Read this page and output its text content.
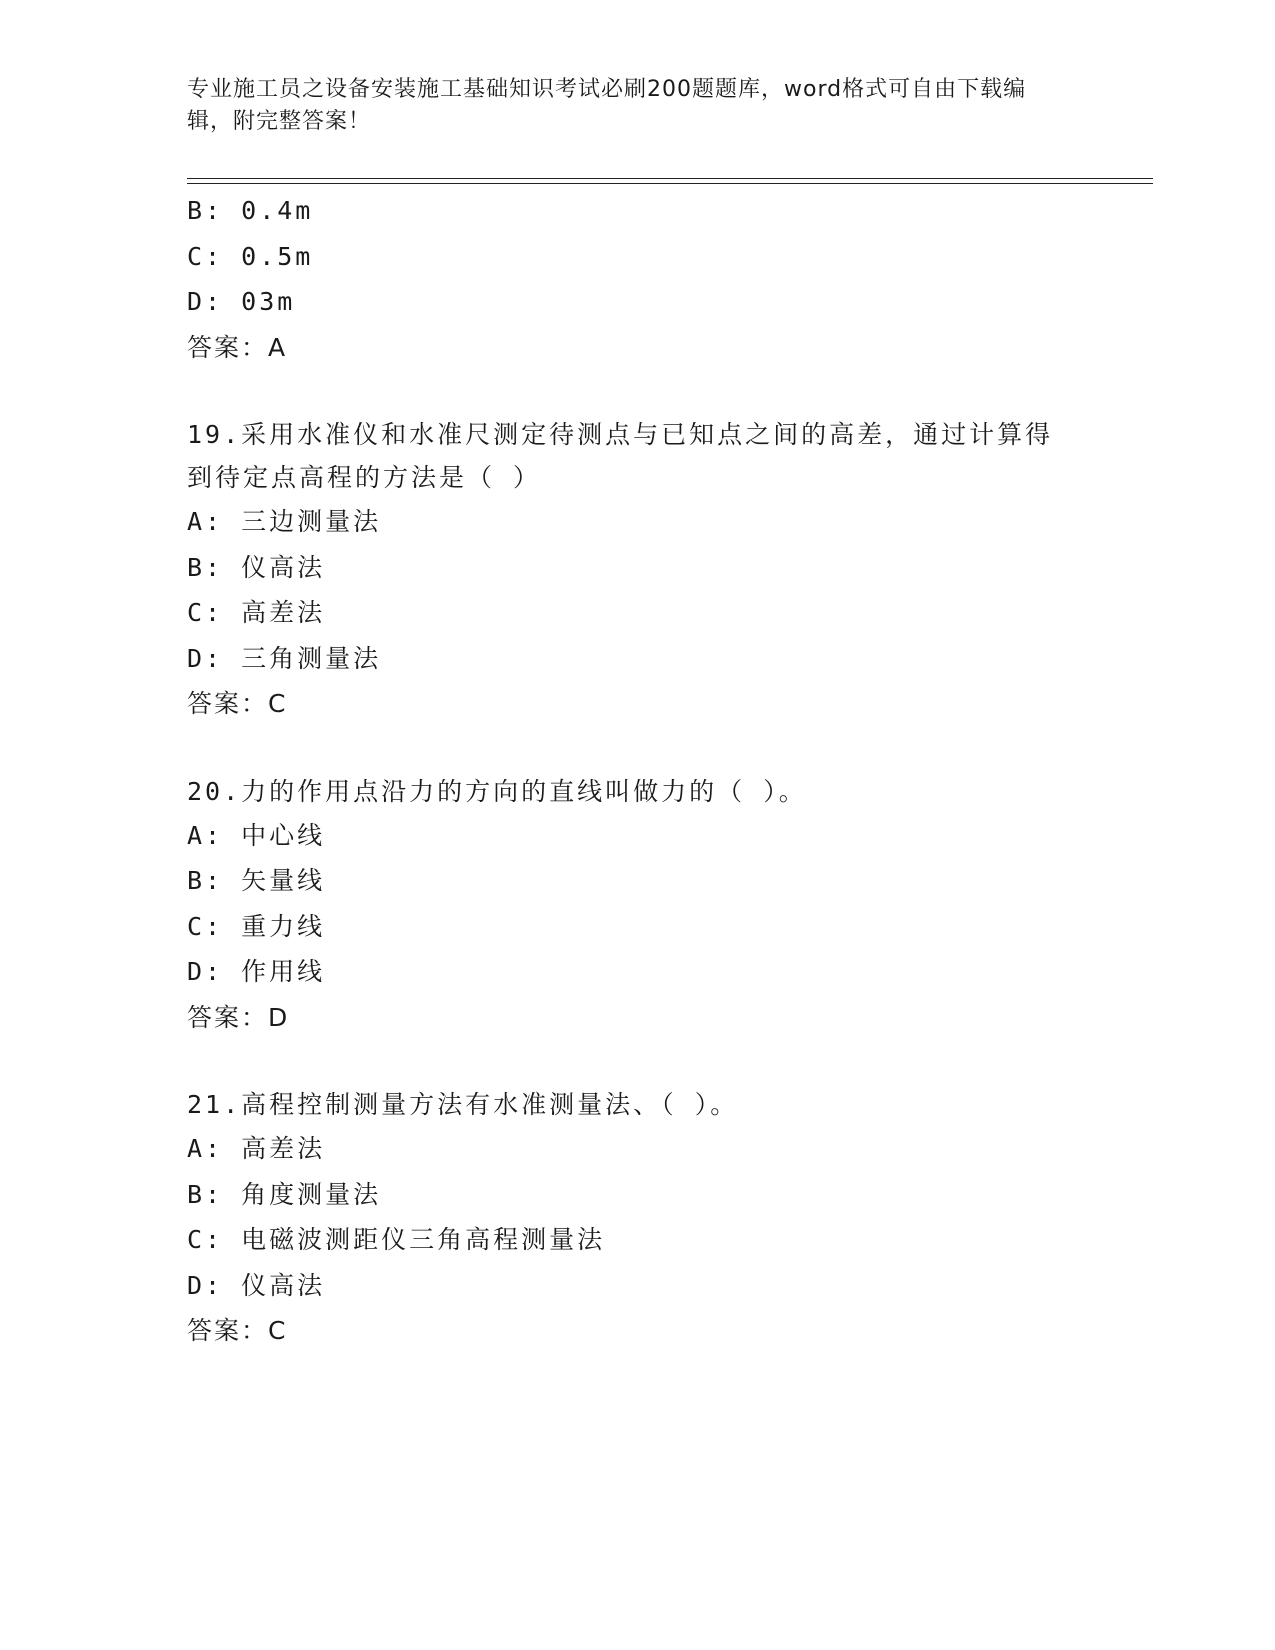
专业施工员之设备安装施工基础知识考试必刷200题题库，word格式可自由下载编辑，附完整答案！
B: 0.4m
C: 0.5m
D: 03m
答案：A
19.采用水准仪和水准尺测定待测点与已知点之间的高差，通过计算得到待定点高程的方法是（ ）
A: 三边测量法
B: 仪高法
C: 高差法
D: 三角测量法
答案：C
20.力的作用点沿力的方向的直线叫做力的（ ）。
A: 中心线
B: 矢量线
C: 重力线
D: 作用线
答案：D
21.高程控制测量方法有水准测量法、（ ）。
A: 高差法
B: 角度测量法
C: 电磁波测距仪三角高程测量法
D: 仪高法
答案：C
